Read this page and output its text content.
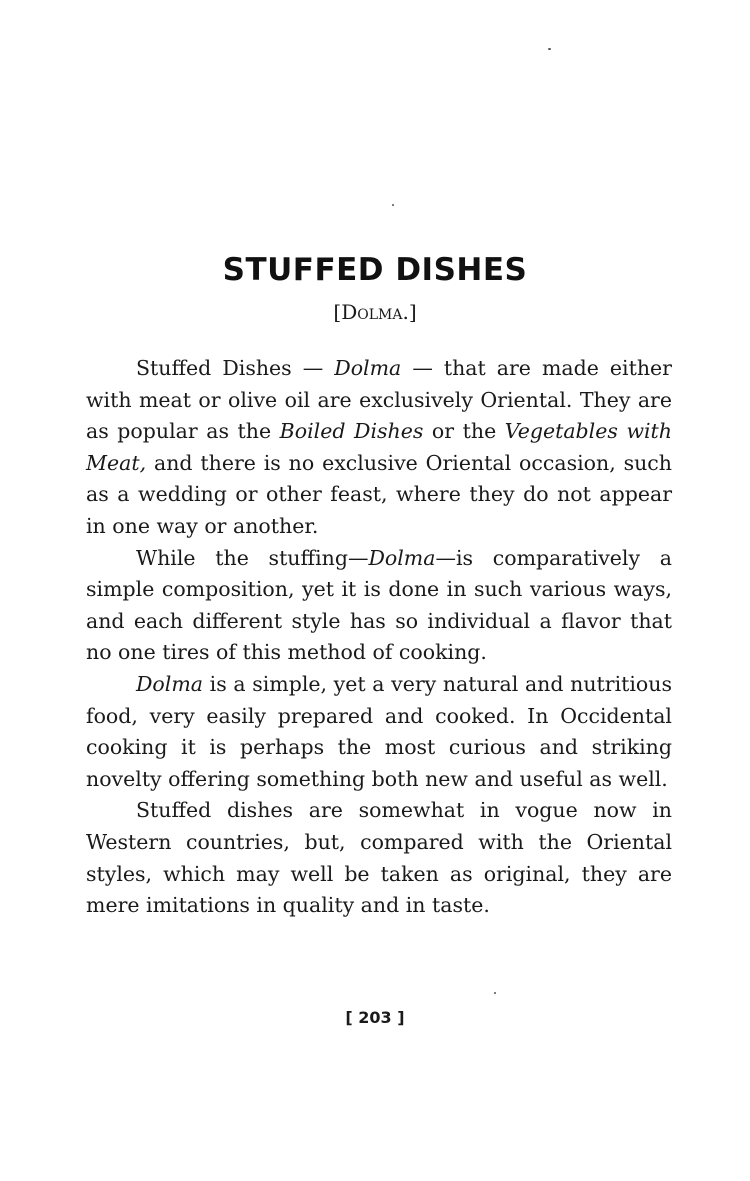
STUFFED DISHES
[Dolma.]

Stuffed Dishes — Dolma — that are made either with meat or olive oil are exclusively Oriental. They are as popular as the Boiled Dishes or the Vegetables with Meat, and there is no exclusive Oriental occasion, such as a wedding or other feast, where they do not appear in one way or another.

While the stuffing—Dolma—is comparatively a simple composition, yet it is done in such various ways, and each different style has so individual a flavor that no one tires of this method of cooking.

Dolma is a simple, yet a very natural and nutritious food, very easily prepared and cooked. In Occidental cooking it is perhaps the most curious and striking novelty offering something both new and useful as well.

Stuffed dishes are somewhat in vogue now in Western countries, but, compared with the Oriental styles, which may well be taken as original, they are mere imitations in quality and in taste.

[ 203 ]
